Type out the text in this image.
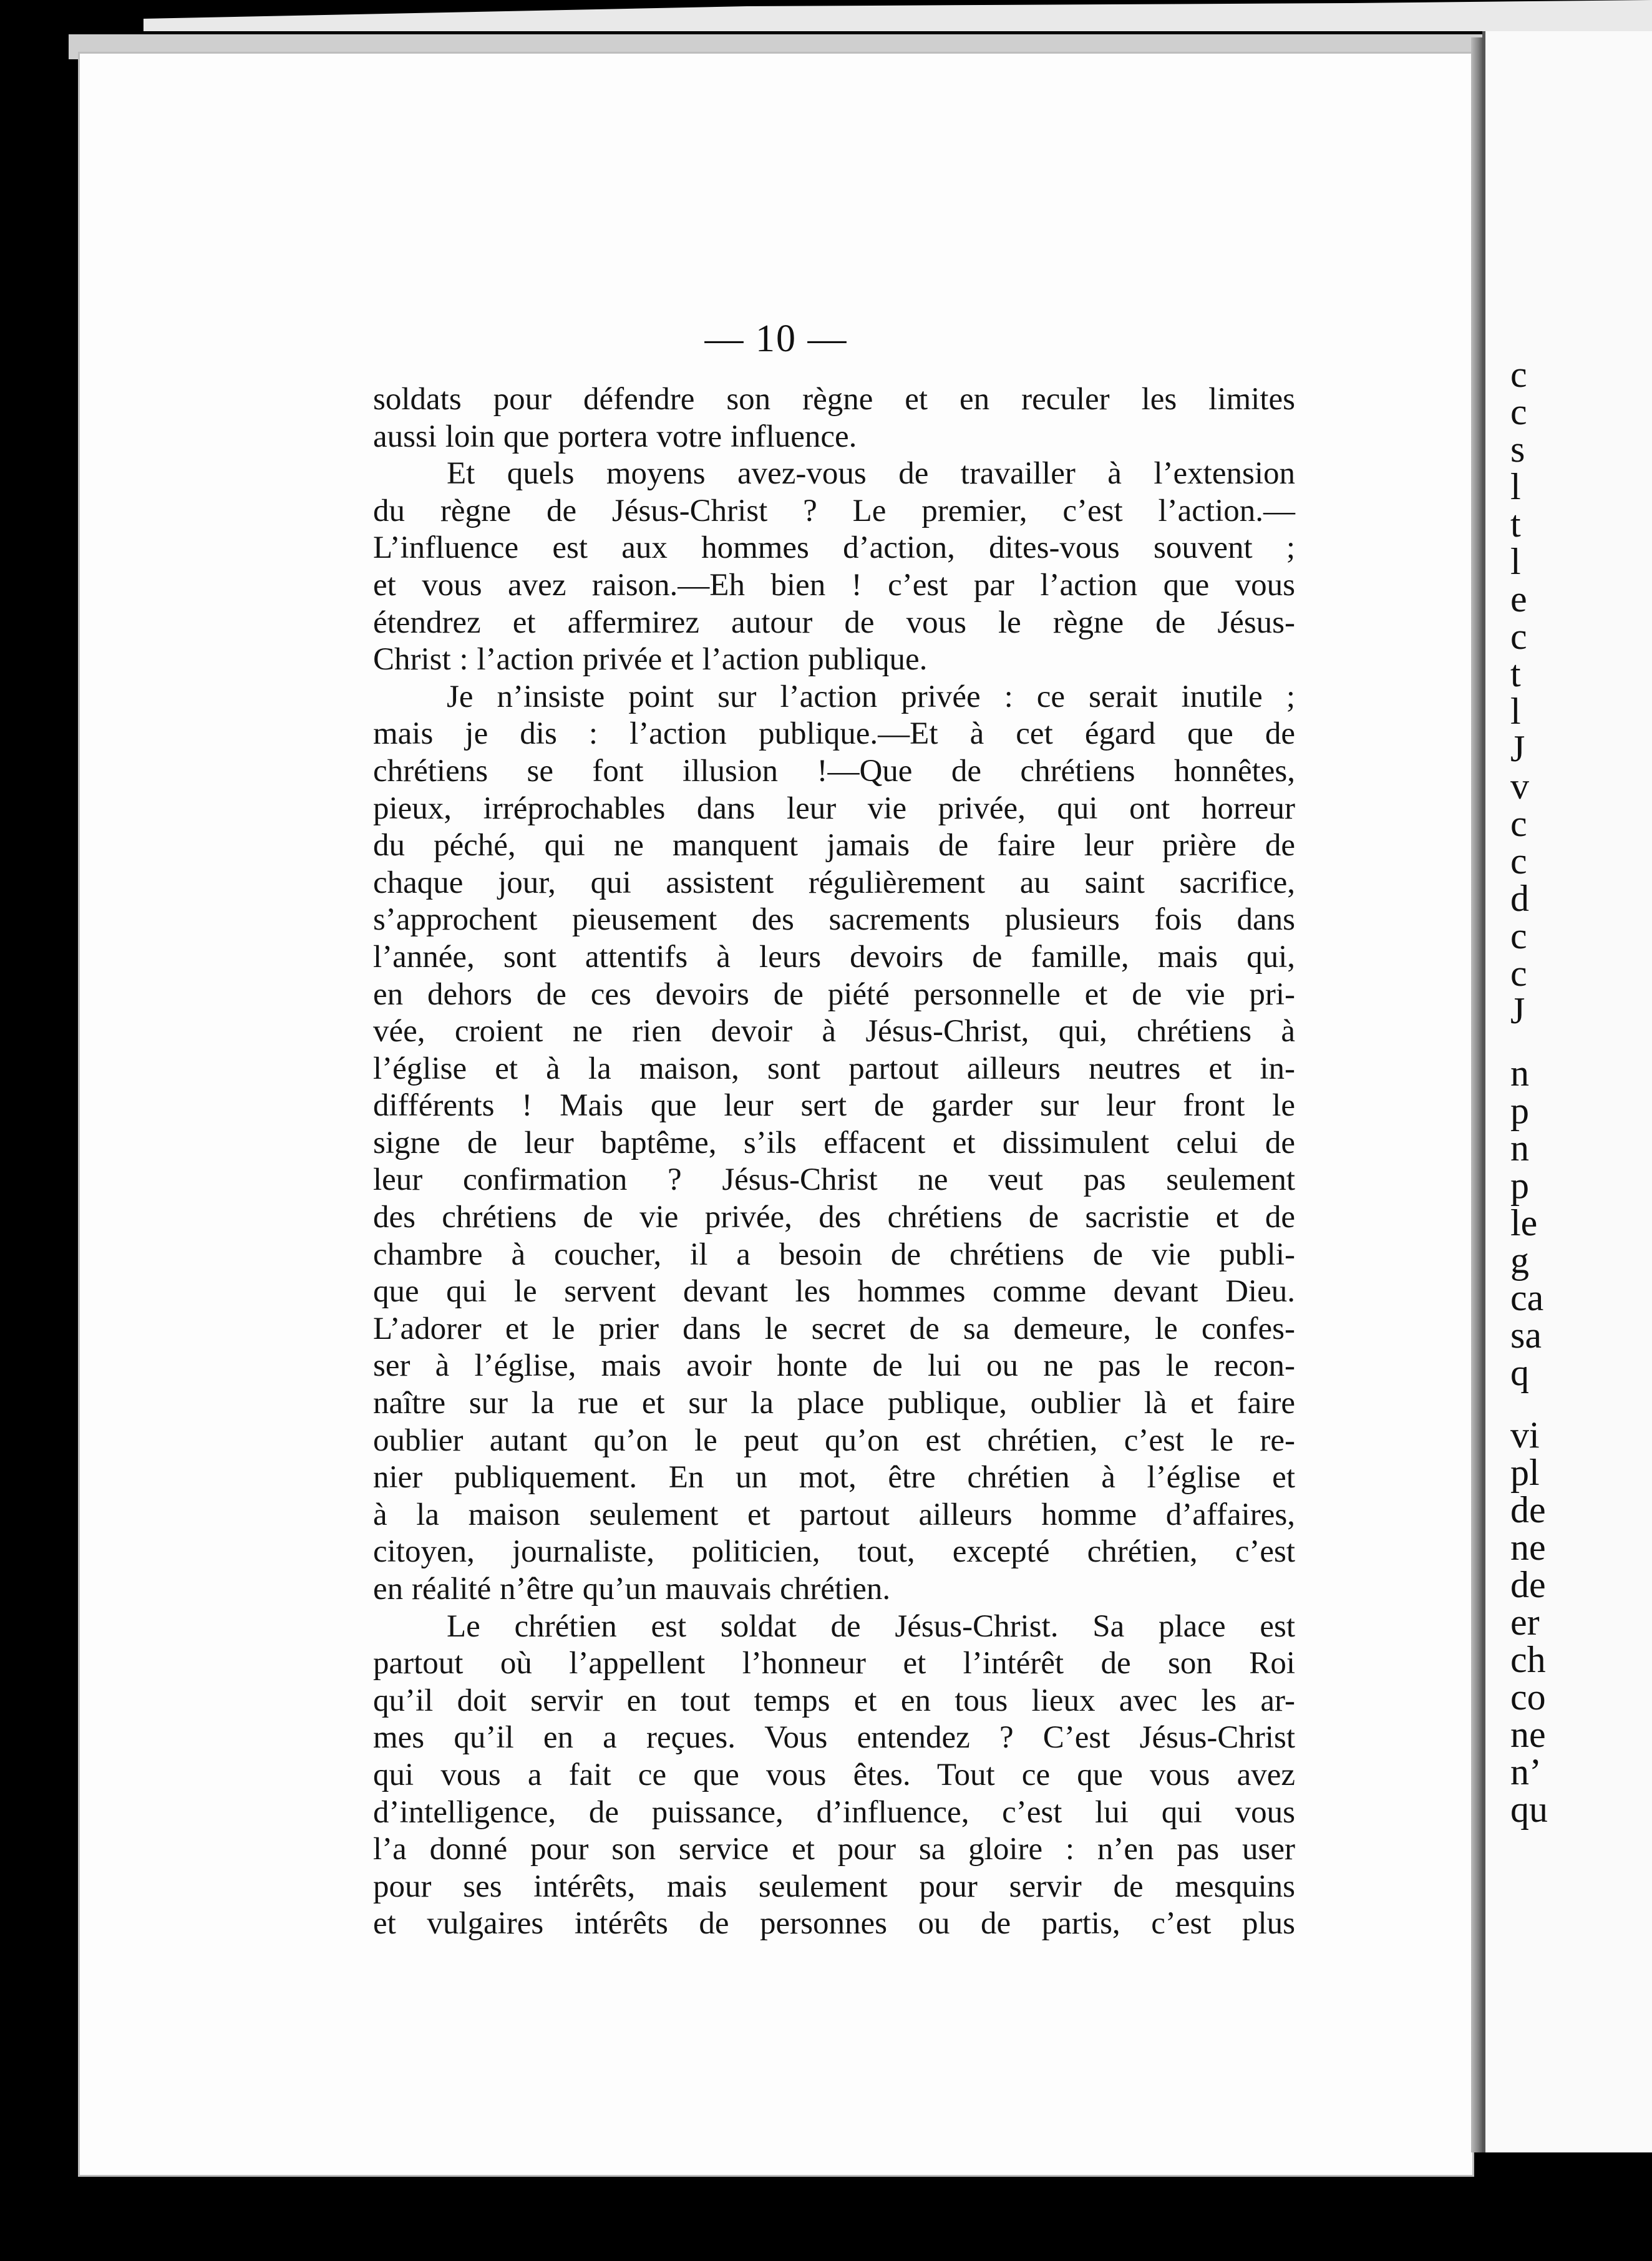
— 10 —
soldats pour défendre son règne et en reculer les limites
aussi loin que portera votre influence.
Et quels moyens avez-vous de travailler à l’extension
du règne de Jésus-Christ ? Le premier, c’est l’action.—
L’influence est aux hommes d’action, dites-vous souvent ;
et vous avez raison.—Eh bien ! c’est par l’action que vous
étendrez et affermirez autour de vous le règne de Jésus-
Christ : l’action privée et l’action publique.
Je n’insiste point sur l’action privée : ce serait inutile ;
mais je dis : l’action publique.—Et à cet égard que de
chrétiens se font illusion !—Que de chrétiens honnêtes,
pieux, irréprochables dans leur vie privée, qui ont horreur
du péché, qui ne manquent jamais de faire leur prière de
chaque jour, qui assistent régulièrement au saint sacrifice,
s’approchent pieusement des sacrements plusieurs fois dans
l’année, sont attentifs à leurs devoirs de famille, mais qui,
en dehors de ces devoirs de piété personnelle et de vie pri-
vée, croient ne rien devoir à Jésus-Christ, qui, chrétiens à
l’église et à la maison, sont partout ailleurs neutres et in-
différents ! Mais que leur sert de garder sur leur front le
signe de leur baptême, s’ils effacent et dissimulent celui de
leur confirmation ? Jésus-Christ ne veut pas seulement
des chrétiens de vie privée, des chrétiens de sacristie et de
chambre à coucher, il a besoin de chrétiens de vie publi-
que qui le servent devant les hommes comme devant Dieu.
L’adorer et le prier dans le secret de sa demeure, le confes-
ser à l’église, mais avoir honte de lui ou ne pas le recon-
naître sur la rue et sur la place publique, oublier là et faire
oublier autant qu’on le peut qu’on est chrétien, c’est le re-
nier publiquement. En un mot, être chrétien à l’église et
à la maison seulement et partout ailleurs homme d’affaires,
citoyen, journaliste, politicien, tout, excepté chrétien, c’est
en réalité n’être qu’un mauvais chrétien.
Le chrétien est soldat de Jésus-Christ. Sa place est
partout où l’appellent l’honneur et l’intérêt de son Roi
qu’il doit servir en tout temps et en tous lieux avec les ar-
mes qu’il en a reçues. Vous entendez ? C’est Jésus-Christ
qui vous a fait ce que vous êtes. Tout ce que vous avez
d’intelligence, de puissance, d’influence, c’est lui qui vous
l’a donné pour son service et pour sa gloire : n’en pas user
pour ses intérêts, mais seulement pour servir de mesquins
et vulgaires intérêts de personnes ou de partis, c’est plus
c
c
s
l
t
l
e
c
t
l
J
v
c
c
d
c
c
J
n
p
n
p
le
g
ca
sa
q
vi
pl
de
ne
de
er
ch
co
ne
n’
qu
